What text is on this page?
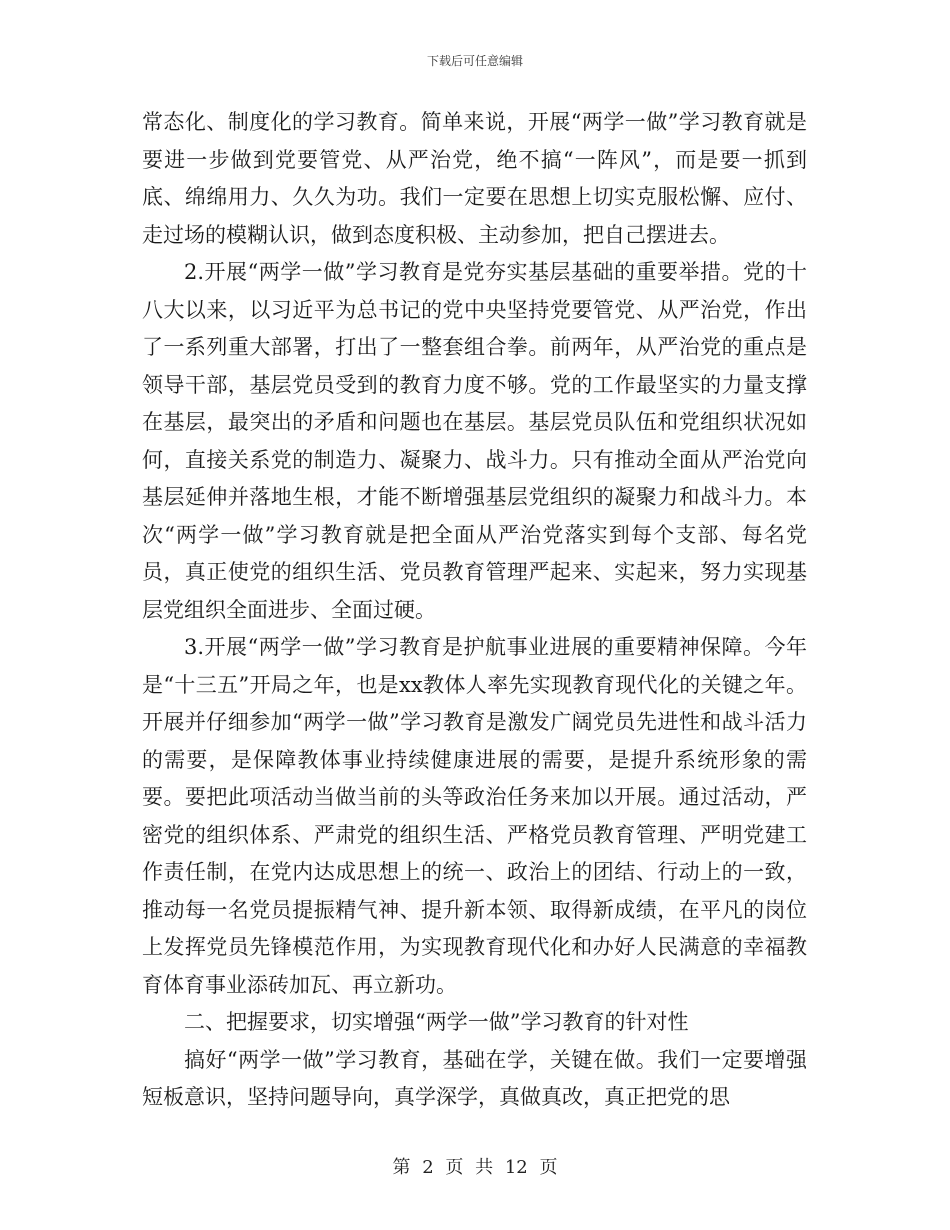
下载后可任意编辑

常态化、制度化的学习教育。简单来说，开展“两学一做”学习教育就是要进一步做到党要管党、从严治党，绝不搞“一阵风”，而是要一抓到底、绵绵用力、久久为功。我们一定要在思想上切实克服松懈、应付、走过场的模糊认识，做到态度积极、主动参加，把自己摆进去。

2.开展“两学一做”学习教育是党夯实基层基础的重要举措。党的十八大以来，以习近平为总书记的党中央坚持党要管党、从严治党，作出了一系列重大部署，打出了一整套组合拳。前两年，从严治党的重点是领导干部，基层党员受到的教育力度不够。党的工作最坚实的力量支撑在基层，最突出的矛盾和问题也在基层。基层党员队伍和党组织状况如何，直接关系党的制造力、凝聚力、战斗力。只有推动全面从严治党向基层延伸并落地生根，才能不断增强基层党组织的凝聚力和战斗力。本次“两学一做”学习教育就是把全面从严治党落实到每个支部、每名党员，真正使党的组织生活、党员教育管理严起来、实起来，努力实现基层党组织全面进步、全面过硬。

3.开展“两学一做”学习教育是护航事业进展的重要精神保障。今年是“十三五”开局之年，也是xx教体人率先实现教育现代化的关键之年。开展并仔细参加“两学一做”学习教育是激发广阔党员先进性和战斗活力的需要，是保障教体事业持续健康进展的需要，是提升系统形象的需要。要把此项活动当做当前的头等政治任务来加以开展。通过活动，严密党的组织体系、严肃党的组织生活、严格党员教育管理、严明党建工作责任制，在党内达成思想上的统一、政治上的团结、行动上的一致，推动每一名党员提振精气神、提升新本领、取得新成绩，在平凡的岗位上发挥党员先锋模范作用，为实现教育现代化和办好人民满意的幸福教育体育事业添砖加瓦、再立新功。

二、把握要求，切实增强“两学一做”学习教育的针对性

搞好“两学一做”学习教育，基础在学，关键在做。我们一定要增强短板意识，坚持问题导向，真学深学，真做真改，真正把党的思

第 2 页 共 12 页
